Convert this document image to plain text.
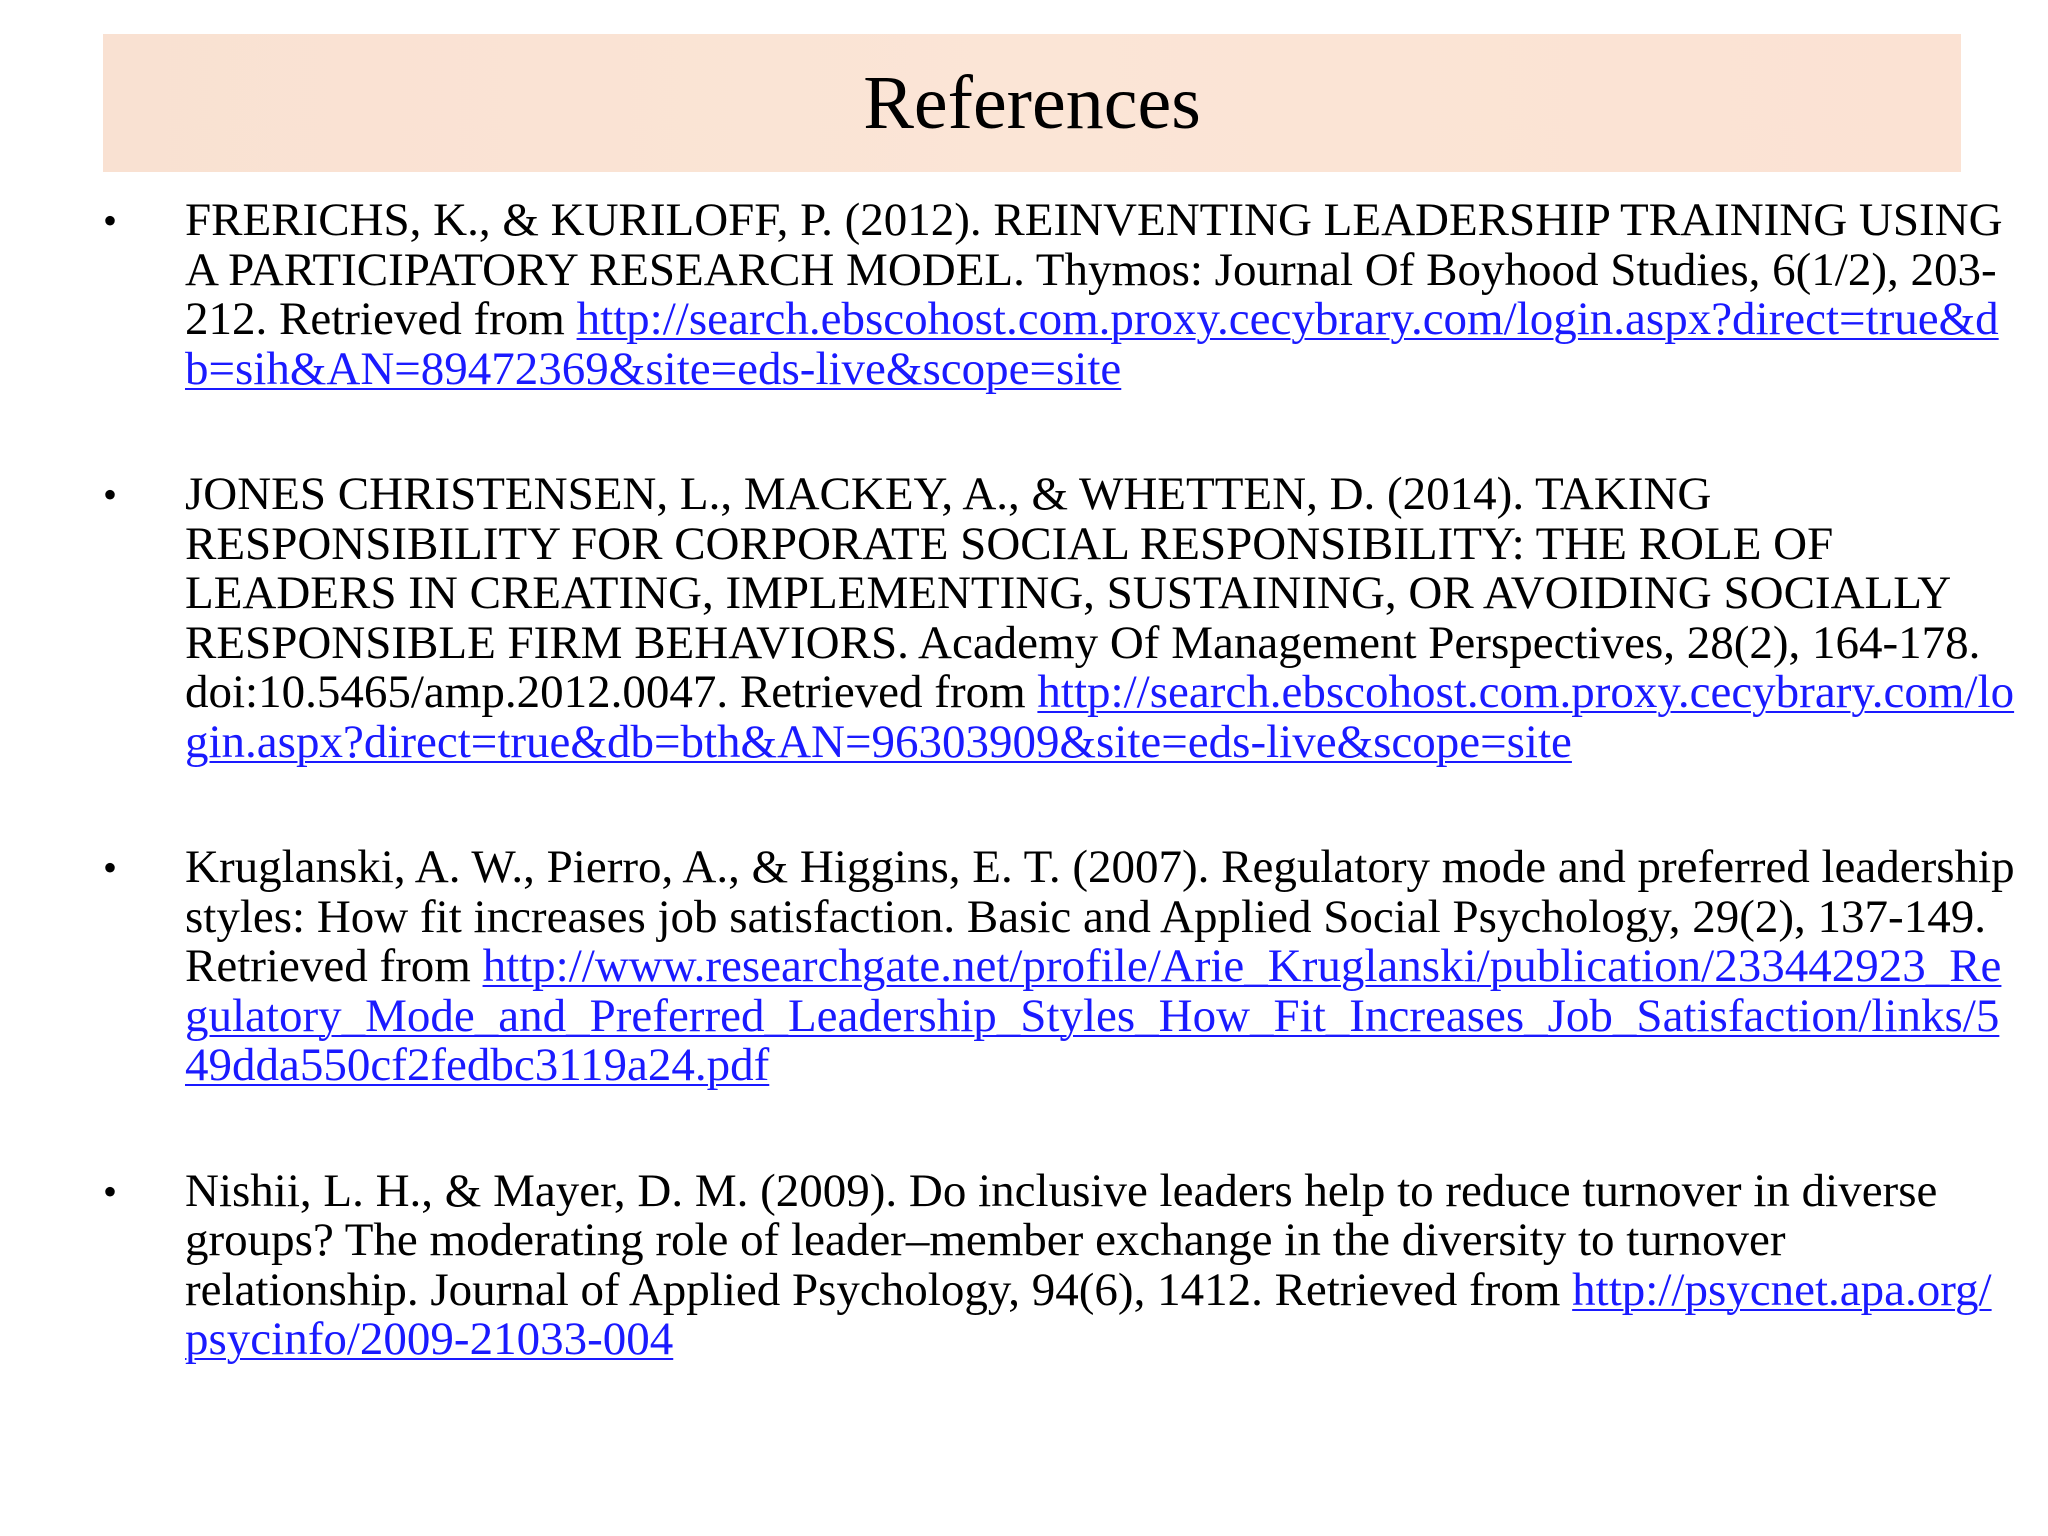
References
•	FRERICHS, K., & KURILOFF, P. (2012). REINVENTING LEADERSHIP TRAINING USING A PARTICIPATORY RESEARCH MODEL. Thymos: Journal Of Boyhood Studies, 6(1/2), 203-212. Retrieved from http://search.ebscohost.com.proxy.cecybrary.com/login.aspx?direct=true&db=sih&AN=89472369&site=eds-live&scope=site
•	JONES CHRISTENSEN, L., MACKEY, A., & WHETTEN, D. (2014). TAKING RESPONSIBILITY FOR CORPORATE SOCIAL RESPONSIBILITY: THE ROLE OF LEADERS IN CREATING, IMPLEMENTING, SUSTAINING, OR AVOIDING SOCIALLY RESPONSIBLE FIRM BEHAVIORS. Academy Of Management Perspectives, 28(2), 164-178. doi:10.5465/amp.2012.0047. Retrieved from http://search.ebscohost.com.proxy.cecybrary.com/login.aspx?direct=true&db=bth&AN=96303909&site=eds-live&scope=site
•	Kruglanski, A. W., Pierro, A., & Higgins, E. T. (2007). Regulatory mode and preferred leadership styles: How fit increases job satisfaction. Basic and Applied Social Psychology, 29(2), 137-149. Retrieved from http://www.researchgate.net/profile/Arie_Kruglanski/publication/233442923_Regulatory_Mode_and_Preferred_Leadership_Styles_How_Fit_Increases_Job_Satisfaction/links/549dda550cf2fedbc3119a24.pdf
•	Nishii, L. H., & Mayer, D. M. (2009). Do inclusive leaders help to reduce turnover in diverse groups? The moderating role of leader–member exchange in the diversity to turnover relationship. Journal of Applied Psychology, 94(6), 1412. Retrieved from http://psycnet.apa.org/psycinfo/2009-21033-004
